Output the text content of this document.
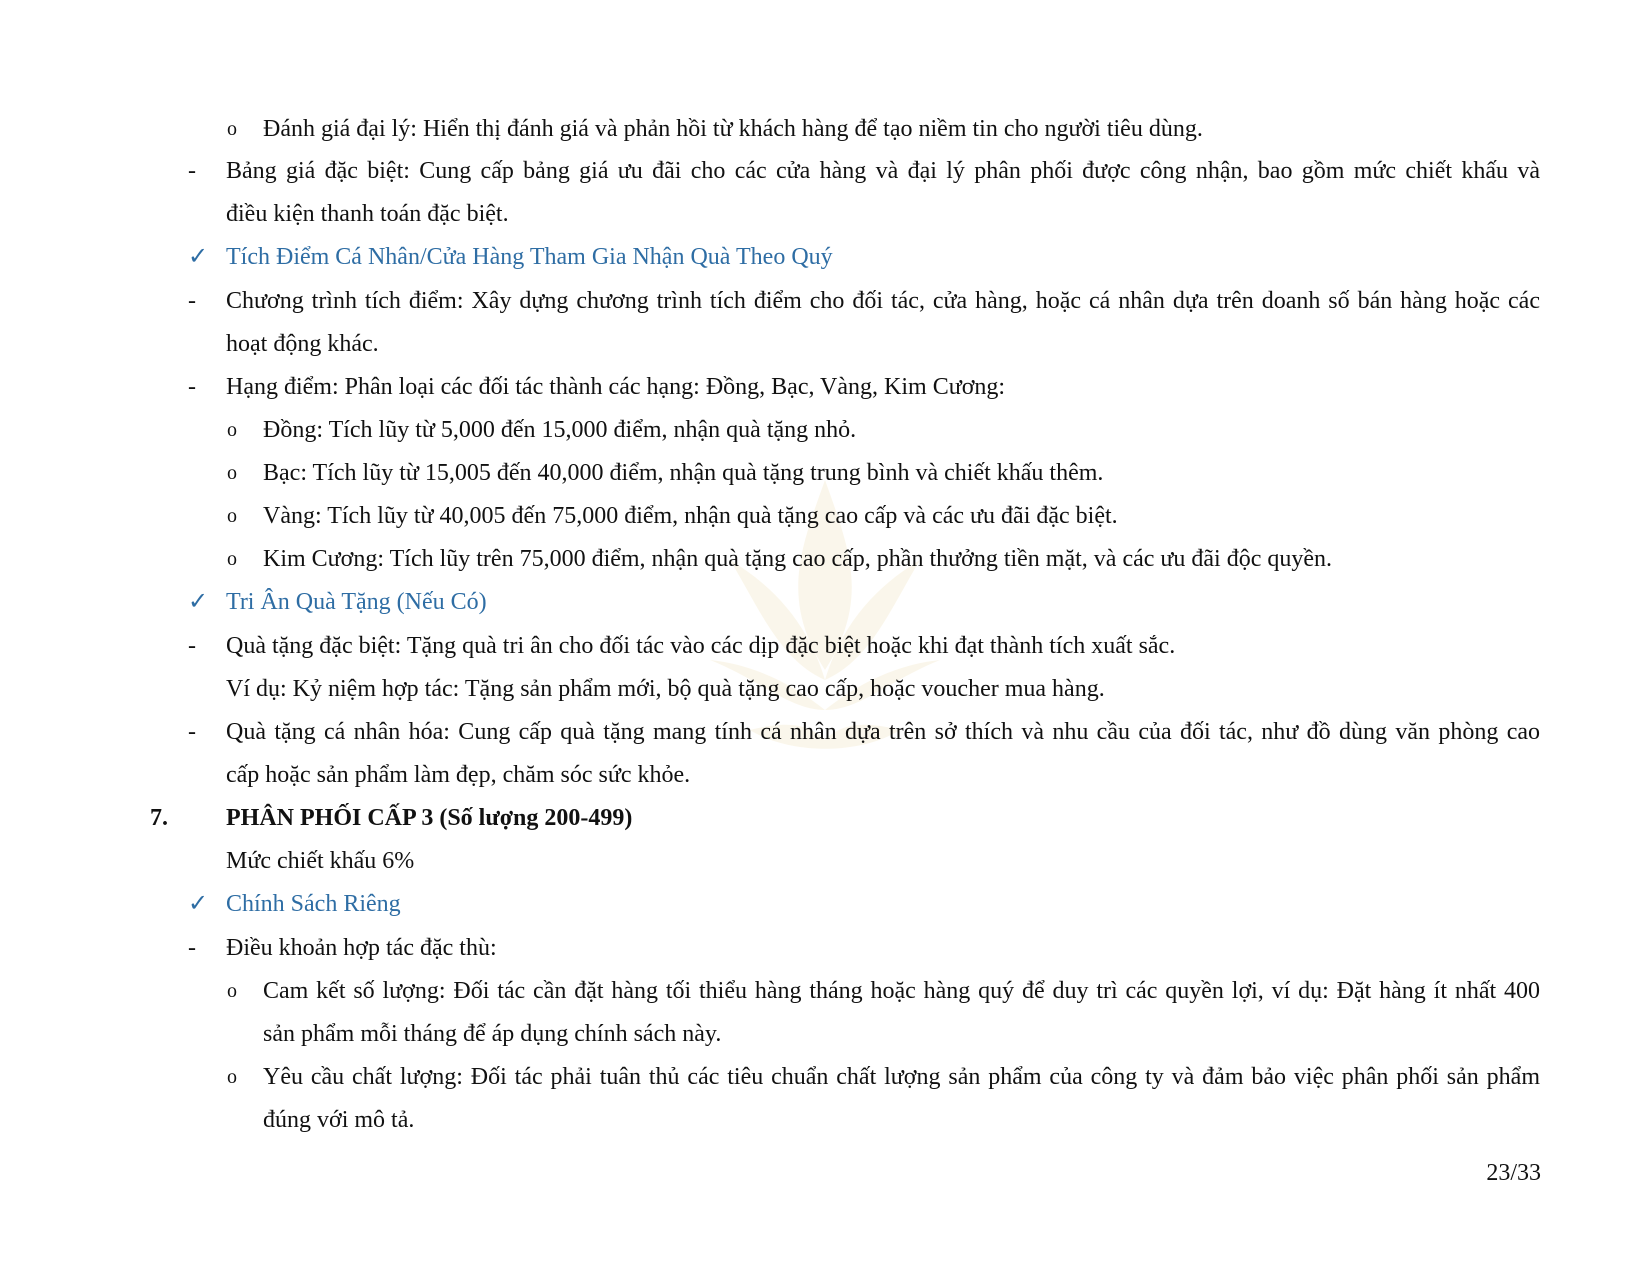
o Đánh giá đại lý: Hiển thị đánh giá và phản hồi từ khách hàng để tạo niềm tin cho người tiêu dùng.
- Bảng giá đặc biệt: Cung cấp bảng giá ưu đãi cho các cửa hàng và đại lý phân phối được công nhận, bao gồm mức chiết khấu và
điều kiện thanh toán đặc biệt.
✓ Tích Điểm Cá Nhân/Cửa Hàng Tham Gia Nhận Quà Theo Quý
- Chương trình tích điểm: Xây dựng chương trình tích điểm cho đối tác, cửa hàng, hoặc cá nhân dựa trên doanh số bán hàng hoặc các
hoạt động khác.
- Hạng điểm: Phân loại các đối tác thành các hạng: Đồng, Bạc, Vàng, Kim Cương:
o Đồng: Tích lũy từ 5,000 đến 15,000 điểm, nhận quà tặng nhỏ.
o Bạc: Tích lũy từ 15,005 đến 40,000 điểm, nhận quà tặng trung bình và chiết khấu thêm.
o Vàng: Tích lũy từ 40,005 đến 75,000 điểm, nhận quà tặng cao cấp và các ưu đãi đặc biệt.
o Kim Cương: Tích lũy trên 75,000 điểm, nhận quà tặng cao cấp, phần thưởng tiền mặt, và các ưu đãi độc quyền.
✓ Tri Ân Quà Tặng (Nếu Có)
- Quà tặng đặc biệt: Tặng quà tri ân cho đối tác vào các dịp đặc biệt hoặc khi đạt thành tích xuất sắc.
Ví dụ: Kỷ niệm hợp tác: Tặng sản phẩm mới, bộ quà tặng cao cấp, hoặc voucher mua hàng.
- Quà tặng cá nhân hóa: Cung cấp quà tặng mang tính cá nhân dựa trên sở thích và nhu cầu của đối tác, như đồ dùng văn phòng cao
cấp hoặc sản phẩm làm đẹp, chăm sóc sức khỏe.
7. PHÂN PHỐI CẤP 3 (Số lượng 200-499)
Mức chiết khấu 6%
✓ Chính Sách Riêng
- Điều khoản hợp tác đặc thù:
o Cam kết số lượng: Đối tác cần đặt hàng tối thiểu hàng tháng hoặc hàng quý để duy trì các quyền lợi, ví dụ: Đặt hàng ít nhất 400
sản phẩm mỗi tháng để áp dụng chính sách này.
o Yêu cầu chất lượng: Đối tác phải tuân thủ các tiêu chuẩn chất lượng sản phẩm của công ty và đảm bảo việc phân phối sản phẩm
đúng với mô tả.
23/33
